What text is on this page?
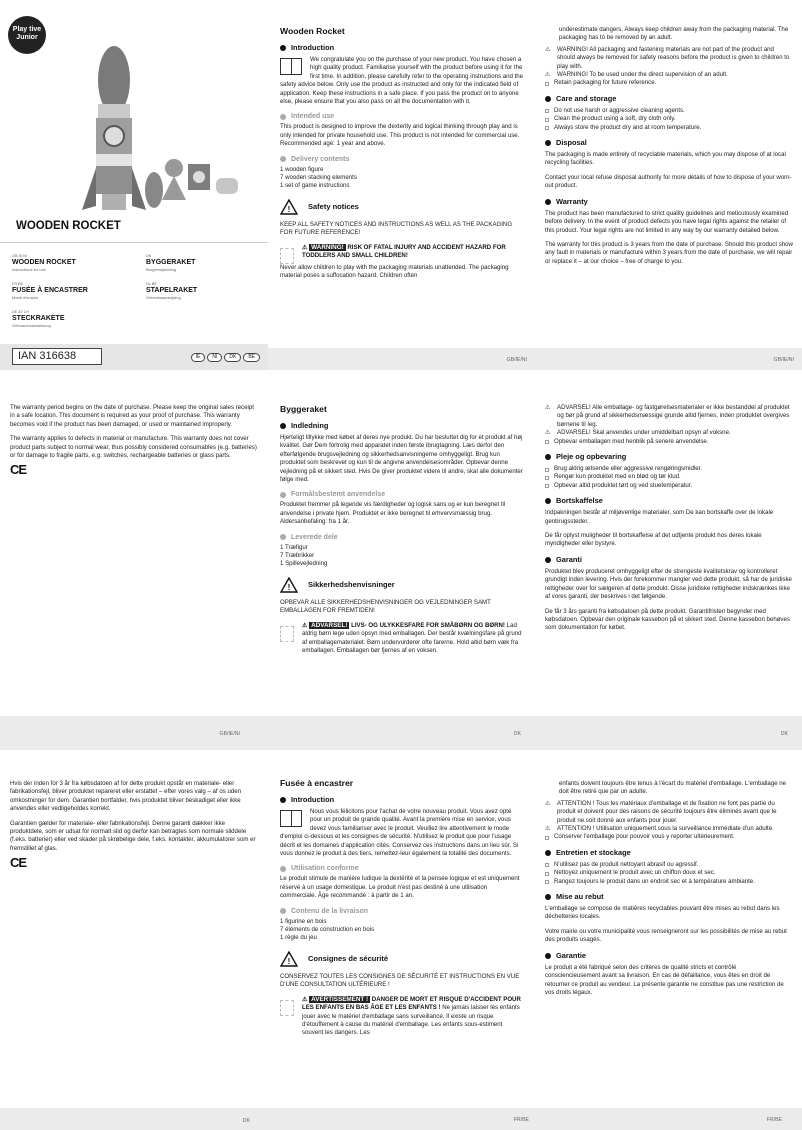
Play tive Junior
WOODEN ROCKET
GB IE NI
WOODEN ROCKET
Instructions for use
DK
BYGGERAKET
Brugervejledning
FR BE
FUSÉE À ENCASTRER
Mode d'emploi
NL BE
STAPELRAKET
Gebruiksaanwijzing
DE AT CH
STECKRAKETE
Gebrauchsanweisung
IAN 316638	IE	NI	DK	BE
Wooden Rocket
Introduction

We congratulate you on the purchase of your new product. You have chosen a high quality product. Familiarise yourself with the product before using it for the first time. In addition, please carefully refer to the operating instructions and the safety advice below. Only use the product as instructed and only for the indicated field of application. Keep these instructions in a safe place. If you pass the product on to anyone else, please ensure that you also pass on all the documentation with it.

Intended use

This product is designed to improve the dexterity and logical thinking through play and is only intended for private household use. This product is not intended for commercial use. Recommended age: 1 year and above.

Delivery contents
1 wooden figure
7 wooden stacking elements
1 set of game instructions
! Safety notices

KEEP ALL SAFETY NOTICES AND INSTRUCTIONS AS WELL AS THE PACKAGING FOR FUTURE REFERENCE!

⚠ WARNING! RISK OF FATAL INJURY AND ACCIDENT HAZARD FOR TODDLERS AND SMALL CHILDREN!

Never allow children to play with the packaging materials unattended. The packaging material poses a suffocation hazard. Children often

GB/IE/NI

underestimate dangers. Always keep children away from the packaging material. The packaging has to be removed by an adult.

⚠	WARNING! All packaging and fastening materials are not part of the product and should always be removed for safety reasons before the product is given to children to play with.
⚠	WARNING! To be used under the direct supervision of an adult.
Retain packaging for future reference.
Care and storage
Do not use harsh or aggressive cleaning agents.
Clean the product using a soft, dry cloth only.
Always store the product dry and at room temperature.
Disposal

The packaging is made entirely of recyclable materials, which you may dispose of at local recycling facilities.

Contact your local refuse disposal authority for more details of how to dispose of your worn-out product.

Warranty

The product has been manufactured to strict quality guidelines and meticulously examined before delivery. In the event of product defects you have legal rights against the retailer of this product. Your legal rights are not limited in any way by our warranty detailed below.

The warranty for this product is 3 years from the date of purchase. Should this product show any fault in materials or manufacture within 3 years from the date of purchase, we will repair or replace it – at our choice – free of charge to you.

GB/IE/NI

The warranty period begins on the date of purchase. Please keep the original sales receipt in a safe location. This document is required as your proof of purchase. This warranty becomes void if the product has been damaged, or used or maintained improperly.

The warranty applies to defects in material or manufacture. This warranty does not cover product parts subject to normal wear, thus possibly considered consumables (e.g. batteries) or for damage to fragile parts, e.g. switches, rechargeable batteries or glass parts.

CE
GB/IE/NI
Byggeraket
Indledning

Hjerteligt tillykke med købet af deres nye produkt. Du har besluttet dig for et produkt af høj kvalitet. Gør Dem fortrolig med apparatet inden første ibrugtagning. Læs derfor den efterfølgende brugsvejledning og sikkerhedsanvisningerne omhyggeligt. Brug kun produktet som beskrevet og kun til de angivne anvendelsesområder. Opbevar denne vejledning på et sikkert sted. Hvis De giver produktet videre til andre, skal alle dokumenter følge med.

Formålsbestemt anvendelse

Produktet fremmer på legende vis færdigheder og logisk sans og er kun beregnet til anvendelse i private hjem. Produktet er ikke beregnet til erhvervsmæssig brug. Aldersanbefaling: fra 1 år.

Leverede dele
1 Træfigur
7 Træbrikker
1 Spillevejledning
! Sikkerhedshenvisninger

OPBEVAR ALLE SIKKERHEDSHENVISNINGER OG VEJLEDNINGER SAMT EMBALLAGEN FOR FREMTIDEN!

⚠ ADVARSEL! LIVS- OG ULYKKESFARE FOR SMÅBØRN OG BØRN! Lad aldrig børn lege uden opsyn med emballagen. Der består kvælningsfare på grund af emballagematerialet. Børn undervurderer ofte farerne. Hold altid børn væk fra emballagen. Emballagen bør fjernes af en voksen.
DK
⚠	ADVARSEL! Alle emballage- og fastgørelsesmaterialer er ikke bestanddel af produktet og bør på grund af sikkerhedsmæssige grunde altid fjernes, inden produktet overgives børnene til leg.
⚠	ADVARSEL! Skal anvendes under umiddelbart opsyn af voksne.
Opbevar emballagen med henblik på senere anvendelse.
Pleje og opbevaring
Brug aldrig ætsende eller aggressive rengøringsmidler.
Rengør kun produktet med en blød og tør klud.
Opbevar altid produktet tørt og ved stuetemperatur.
Bortskaffelse

Indpakningen består af miljøvenlige materialer, som De kan bortskaffe over de lokale genbrugssteder.

De får oplyst muligheder til bortskaffelse af det udtjente produkt hos deres lokale myndigheder eller bystyre.

Garanti

Produktet blev produceret omhyggeligt efter de strengeste kvalitetskrav og kontrolleret grundigt inden levering. Hvis der forekommer mangler ved dette produkt, så har de juridiske rettigheder over for sælgeren af dette produkt. Disse juridiske rettigheder indskrænkes ikke af vores garanti, der beskrives i det følgende.

De får 3 års garanti fra købsdatoen på dette produkt. Garantifristen begynder med købsdatoen. Opbevar den originale kassebon på et sikkert sted. Denne kassebon behøves som dokumentation for købet.

DK

Hvis der inden for 3 år fra købsdatoen af for dette produkt opstår en materiale- eller fabrikationsfejl, bliver produktet repareret eller erstattet – efter vores valg – af os uden omkostninger for dem. Garantien bortfalder, hvis produktet bliver beskadiget eller ikke anvendes eller vedligeholdes korrekt.

Garantien gælder for materiale- eller fabrikationsfejl. Denne garanti dækker ikke produktdele, som er udsat for normalt slid og derfor kan betragtes som normale sliddele (f.eks. batterier) eller ved skader på skrøbelige dele, f.eks. kontakter, akkumulatorer som er fremstillet af glas.

CE
DK
Fusée à encastrer
Introduction

Nous vous félicitons pour l'achat de votre nouveau produit. Vous avez opté pour un produit de grande qualité. Avant la première mise en service, vous devez vous familiariser avec le produit. Veuillez lire attentivement le mode d'emploi ci-dessous et les consignes de sécurité. N'utilisez le produit que pour l'usage décrit et les domaines d'application cités. Conservez ces instructions dans un lieu sûr. Si vous donnez le produit à des tiers, remettez-leur également la totalité des documents.

Utilisation conforme

Le produit stimule de manière ludique la dextérité et la pensée logique et est uniquement réservé à un usage domestique. Le produit n'est pas destiné à une utilisation commerciale. Âge recommandé : à partir de 1 an.

Contenu de la livraison
1 figurine en bois
7 éléments de construction en bois
1 règle du jeu
! Consignes de sécurité

CONSERVEZ TOUTES LES CONSIGNES DE SÉCURITÉ ET INSTRUCTIONS EN VUE D'UNE CONSULTATION ULTÉRIEURE !

⚠ AVERTISSEMENT ! DANGER DE MORT ET RISQUE D'ACCIDENT POUR LES ENFANTS EN BAS ÂGE ET LES ENFANTS ! Ne jamais laisser les enfants jouer avec le matériel d'emballage sans surveillance. Il existe un risque d'étouffement à cause du matériel d'emballage. Les enfants sous-estiment souvent les dangers. Les
FR/BE

enfants doivent toujours être tenus à l'écart du matériel d'emballage. L'emballage ne doit être retiré que par un adulte.

⚠	ATTENTION ! Tous les matériaux d'emballage et de fixation ne font pas partie du produit et doivent pour des raisons de sécurité toujours être éliminés avant que le produit ne soit donné aux enfants pour jouer.
⚠	ATTENTION ! Utilisation uniquement sous la surveillance immédiate d'un adulte.
Conserver l'emballage pour pouvoir vous y reporter ultérieurement.
Entretien et stockage
N'utilisez pas de produit nettoyant abrasif ou agressif.
Nettoyez uniquement le produit avec un chiffon doux et sec.
Rangez toujours le produit dans un endroit sec et à température ambiante.
Mise au rebut

L'emballage se compose de matières recyclables pouvant être mises au rebut dans les déchetteries locales.

Votre mairie ou votre municipalité vous renseigneront sur les possibilités de mise au rebut des produits usagés.

Garantie

Le produit a été fabriqué selon des critères de qualité stricts et contrôlé consciencieusement avant sa livraison. En cas de défaillance, vous êtes en droit de retourner ce produit au vendeur. La présente garantie ne constitue pas une restriction de vos droits légaux.

FR/BE
